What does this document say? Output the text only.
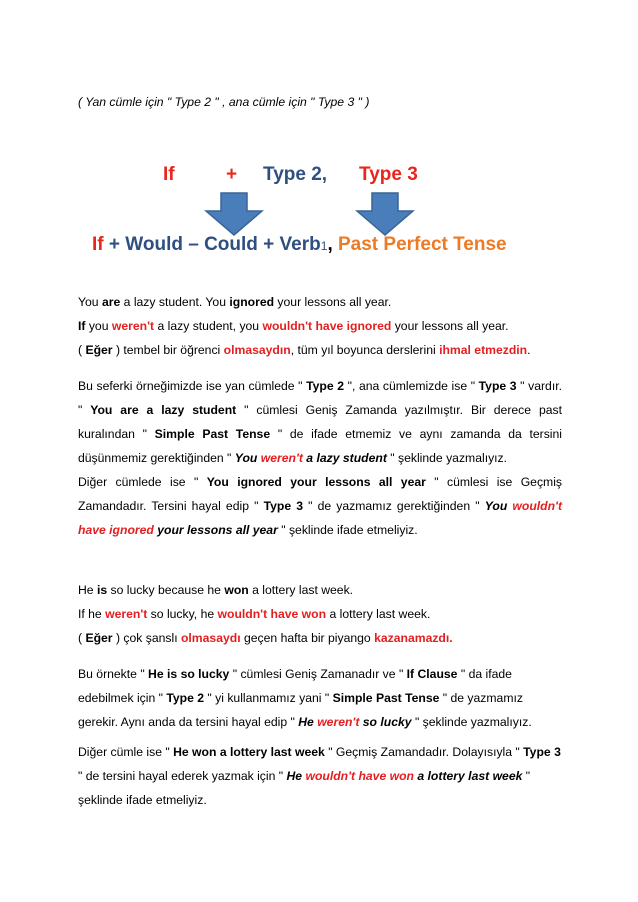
( Yan cümle için " Type 2 " , ana cümle için " Type 3 " )
If	+ Type 2, Type 3
If + Would – Could + Verb1, Past Perfect Tense
You are a lazy student. You ignored your lessons all year.
If you weren't a lazy student, you wouldn't have ignored your lessons all year.
( Eğer ) tembel bir öğrenci olmasaydın, tüm yıl boyunca derslerini ihmal etmezdin.
Bu seferki örneğimizde ise yan cümlede " Type 2 ", ana cümlemizde ise " Type 3 " vardır. " You are a lazy student " cümlesi Geniş Zamanda yazılmıştır. Bir derece past kuralından " Simple Past Tense " de ifade etmemiz ve aynı zamanda da tersini düşünmemiz gerektiğinden " You weren't a lazy student " şeklinde yazmalıyız.
Diğer cümlede ise " You ignored your lessons all year " cümlesi ise Geçmiş Zamandadır. Tersini hayal edip " Type 3 " de yazmamız gerektiğinden " You wouldn't have ignored your lessons all year " şeklinde ifade etmeliyiz.
He is so lucky because he won a lottery last week.
If he weren't so lucky, he wouldn't have won a lottery last week.
( Eğer ) çok şanslı olmasaydı geçen hafta bir piyango kazanamazdı.
Bu örnekte " He is so lucky " cümlesi Geniş Zamanadır ve " If Clause " da ifade edebilmek için " Type 2 " yi kullanmamız yani " Simple Past Tense " de yazmamız gerekir. Aynı anda da tersini hayal edip " He weren't so lucky " şeklinde yazmalıyız.
Diğer cümle ise " He won a lottery last week " Geçmiş Zamandadır. Dolayısıyla " Type 3 " de tersini hayal ederek yazmak için " He wouldn't have won a lottery last week " şeklinde ifade etmeliyiz.
